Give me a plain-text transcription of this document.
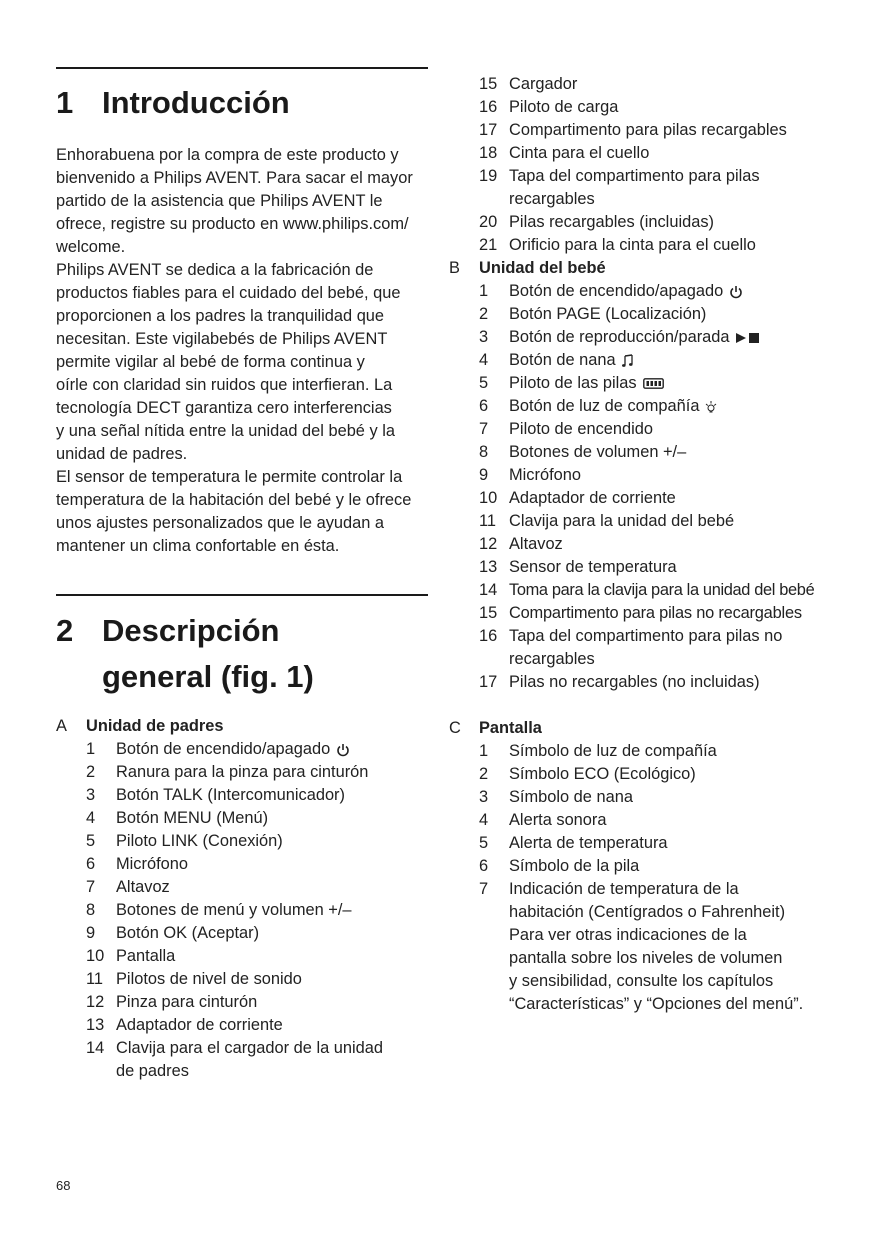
1 Introducción
Enhorabuena por la compra de este producto y
bienvenido a Philips AVENT. Para sacar el mayor
partido de la asistencia que Philips AVENT le
ofrece, registre su producto en www.philips.com/
welcome.
Philips AVENT se dedica a la fabricación de
productos fiables para el cuidado del bebé, que
proporcionen a los padres la tranquilidad que
necesitan. Este vigilabebés de Philips AVENT
permite vigilar al bebé de forma continua y
oírle con claridad sin ruidos que interfieran. La
tecnología DECT garantiza cero interferencias
y una señal nítida entre la unidad del bebé y la
unidad de padres.
El sensor de temperatura le permite controlar la
temperatura de la habitación del bebé y le ofrece
unos ajustes personalizados que le ayudan a
mantener un clima confortable en ésta.
2 Descripción
general (fig. 1)
A Unidad de padres
1	Botón de encendido/apagado
2	Ranura para la pinza para cinturón
3	Botón TALK (Intercomunicador)
4	Botón MENU (Menú)
5	Piloto LINK (Conexión)
6	Micrófono
7	Altavoz
8	Botones de menú y volumen +/–
9	Botón OK (Aceptar)
10 Pantalla
11 Pilotos de nivel de sonido
12 Pinza para cinturón
13 Adaptador de corriente
14 Clavija para el cargador de la unidad
de padres
15 Cargador
16 Piloto de carga
17 Compartimento para pilas recargables
18 Cinta para el cuello
19 Tapa del compartimento para pilas
recargables
20 Pilas recargables (incluidas)
21 Orificio para la cinta para el cuello
B Unidad del bebé
1	Botón de encendido/apagado
2	Botón PAGE (Localización)
3	Botón de reproducción/parada
4	Botón de nana
5	Piloto de las pilas
6	Botón de luz de compañía
7	Piloto de encendido
8	Botones de volumen +/–
9	Micrófono
10 Adaptador de corriente
11 Clavija para la unidad del bebé
12 Altavoz
13 Sensor de temperatura
14 Toma para la clavija para la unidad del bebé
15 Compartimento para pilas no recargables
16 Tapa del compartimento para pilas no
recargables
17 Pilas no recargables (no incluidas)
C Pantalla
1	Símbolo de luz de compañía
2	Símbolo ECO (Ecológico)
3	Símbolo de nana
4	Alerta sonora
5	Alerta de temperatura
6	Símbolo de la pila
7	Indicación de temperatura de la
habitación (Centígrados o Fahrenheit)
Para ver otras indicaciones de la
pantalla sobre los niveles de volumen
y sensibilidad, consulte los capítulos
“Características” y “Opciones del menú”.
68
